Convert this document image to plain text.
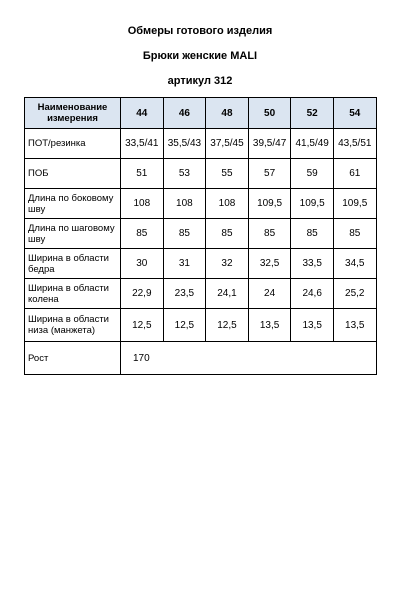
Обмеры готового изделия
Брюки женские MALI
артикул 312
Наименование измерения	44	46	48	50	52	54
ПОТ/резинка	33,5/41	35,5/43	37,5/45	39,5/47	41,5/49	43,5/51
ПОБ	51	53	55	57	59	61
Длина по боковому шву	108	108	108	109,5	109,5	109,5
Длина по шаговому шву	85	85	85	85	85	85
Ширина в области бедра	30	31	32	32,5	33,5	34,5
Ширина в области колена	22,9	23,5	24,1	24	24,6	25,2
Ширина в области низа (манжета)	12,5	12,5	12,5	13,5	13,5	13,5
Рост	170					
